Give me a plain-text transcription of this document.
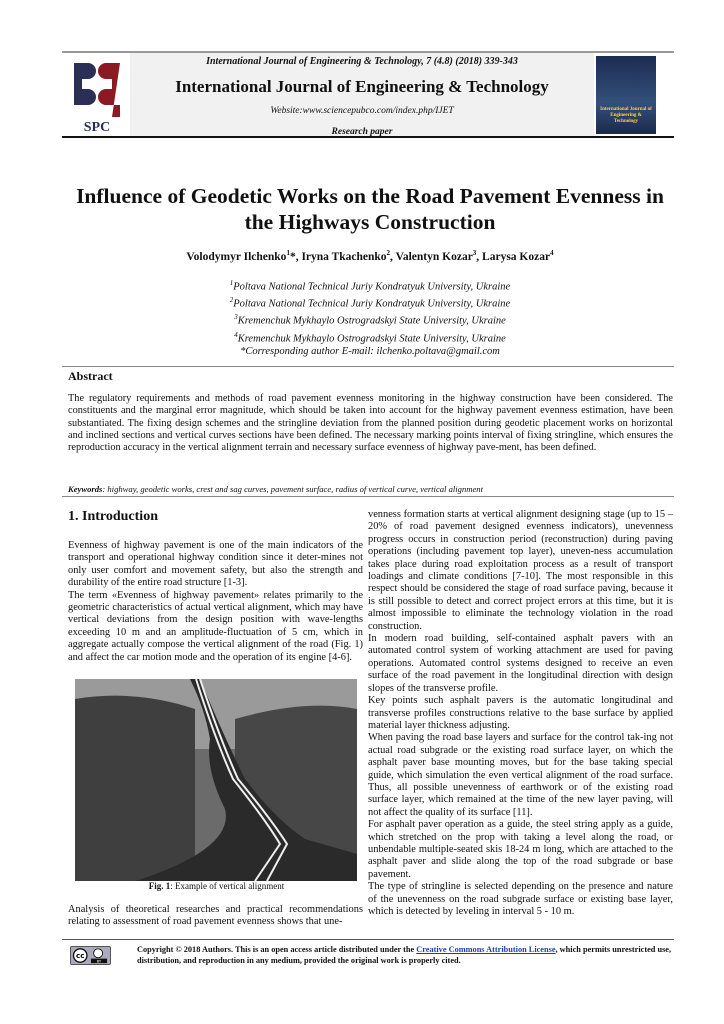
SPC
International Journal of Engineering & Technology, 7 (4.8) (2018) 339-343
International Journal of Engineering & Technology
Website:www.sciencepubco.com/index.php/IJET
Research paper
International Journal of Engineering & Technology
Influence of Geodetic Works on the Road Pavement Evenness in the Highways Construction
Volodymyr Ilchenko$^1$*, Iryna Tkachenko$^2$, Valentyn Kozar$^3$, Larysa Kozar$^4$
$^1$Poltava National Technical Juriy Kondratyuk University, Ukraine
$^2$Poltava National Technical Juriy Kondratyuk University, Ukraine
$^3$Kremenchuk Mykhaylo Ostrogradskyi State University, Ukraine
$^4$Kremenchuk Mykhaylo Ostrogradskyi State University, Ukraine
*Corresponding author E-mail: ilchenko.poltava@gmail.com
Abstract
The regulatory requirements and methods of road pavement evenness monitoring in the highway construction have been considered. The constituents and the marginal error magnitude, which should be taken into account for the highway pavement evenness estimation, have been substantiated. The fixing design schemes and the stringline deviation from the planned position during geodetic placement works on horizontal and inclined sections and vertical curves sections have been defined. The necessary marking points interval of fixing stringline, which ensures the reproduction accuracy in the vertical alignment terrain and necessary surface evenness of highway pave-ment, has been defined.
Keywords: highway, geodetic works, crest and sag curves, pavement surface, radius of vertical curve, vertical alignment
1. Introduction

Evenness of highway pavement is one of the main indicators of the transport and operational highway condition since it deter-mines not only user comfort and movement safety, but also the strength and durability of the entire road structure [1-3].

The term «Evenness of highway pavement» relates primarily to the geometric characteristics of actual vertical alignment, which may have vertical deviations from the design position with wave-lengths exceeding 10 m and an amplitude-fluctuation of 5 cm, which in aggregate actually compose the vertical alignment of the road (Fig. 1) and affect the car motion mode and the operation of its engine [4-6].

Fig. 1: Example of vertical alignment
Analysis of theoretical researches and practical recommendations relating to assessment of road pavement evenness shows that une-

venness formation starts at vertical alignment designing stage (up to 15 – 20% of road pavement designed evenness indicators), unevenness progress occurs in construction period (reconstruction) during paving operations (including pavement top layer), uneven-ness accumulation takes place during road exploitation process as a result of transport loadings and climate conditions [7-10]. The most responsible in this respect should be considered the stage of road surface paving, because it is still possible to detect and correct project errors at this time, but it is almost impossible to eliminate the technology violation in the road construction.

In modern road building, self-contained asphalt pavers with an automated control system of working attachment are used for paving operations. Automated control systems designed to receive an even surface of the road pavement in the longitudinal direction with design slopes of the transverse profile.

Key points such asphalt pavers is the automatic longitudinal and transverse profiles constructions relative to the base surface by applied material layer thickness adjusting.

When paving the road base layers and surface for the control tak-ing not actual road subgrade or the existing road surface layer, on which the asphalt paver base mounting moves, but for the base taking special guide, which simulation the even vertical alignment of the road surface. Thus, all possible unevenness of earthwork or of the existing road surface layer, which remained at the time of the new layer paving, will not affect the quality of its surface [11].

For asphalt paver operation as a guide, the steel string apply as a guide, which stretched on the prop with taking a level along the road, or unbendable multiple-seated skis 18-24 m long, which are attached to the asphalt paver and slide along the top of the road subgrade or base pavement.

The type of stringline is selected depending on the presence and nature of the unevenness on the road subgrade surface or existing base layer, which is detected by leveling in interval 5 - 10 m.

cc
BY
Copyright © 2018 Authors. This is an open access article distributed under the Creative Commons Attribution License, which permits unrestricted use, distribution, and reproduction in any medium, provided the original work is properly cited.
